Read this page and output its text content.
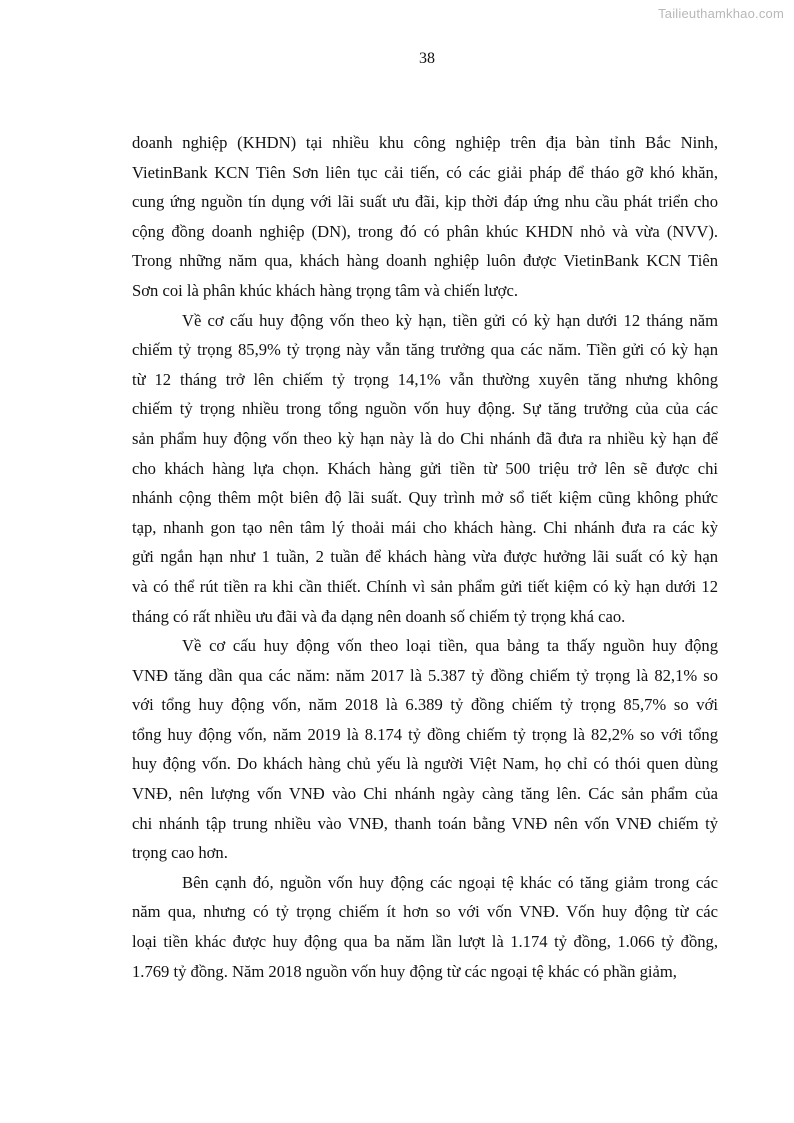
Tailieuthamkhao.com
38
doanh nghiệp (KHDN) tại nhiều khu công nghiệp trên địa bàn tỉnh Bắc Ninh,
VietinBank KCN Tiên Sơn liên tục cải tiến, có các giải pháp để tháo gỡ khó khăn,
cung ứng nguồn tín dụng với lãi suất ưu đãi, kịp thời đáp ứng nhu cầu phát triển cho
cộng đồng doanh nghiệp (DN), trong đó có phân khúc KHDN nhỏ và vừa (NVV).
Trong những năm qua, khách hàng doanh nghiệp luôn được VietinBank KCN Tiên
Sơn coi là phân khúc khách hàng trọng tâm và chiến lược.
Về cơ cấu huy động vốn theo kỳ hạn, tiền gửi có kỳ hạn dưới 12 tháng năm
chiếm tỷ trọng 85,9% tỷ trọng này vẫn tăng trưởng qua các năm. Tiền gửi có kỳ hạn
từ 12 tháng trở lên chiếm tỷ trọng 14,1% vẫn thường xuyên tăng nhưng không
chiếm tỷ trọng nhiều trong tổng nguồn vốn huy động. Sự tăng trưởng của của các
sản phẩm huy động vốn theo kỳ hạn này là do Chi nhánh đã đưa ra nhiều kỳ hạn để
cho khách hàng lựa chọn. Khách hàng gửi tiền từ 500 triệu trở lên sẽ được chi
nhánh cộng thêm một biên độ lãi suất. Quy trình mở sổ tiết kiệm cũng không phức
tạp, nhanh gon tạo nên tâm lý thoải mái cho khách hàng. Chi nhánh đưa ra các kỳ
gửi ngắn hạn như 1 tuần, 2 tuần để khách hàng vừa được hưởng lãi suất có kỳ hạn
và có thể rút tiền ra khi cần thiết. Chính vì sản phẩm gửi tiết kiệm có kỳ hạn dưới 12
tháng có rất nhiều ưu đãi và đa dạng nên doanh số chiếm tỷ trọng khá cao.
Về cơ cấu huy động vốn theo loại tiền, qua bảng ta thấy nguồn huy động
VNĐ tăng dần qua các năm: năm 2017 là 5.387 tỷ đồng chiếm tỷ trọng là 82,1% so
với tổng huy động vốn, năm 2018 là 6.389 tỷ đồng chiếm tỷ trọng 85,7% so với
tổng huy động vốn, năm 2019 là 8.174 tỷ đồng chiếm tỷ trọng là 82,2% so với tổng
huy động vốn. Do khách hàng chủ yếu là người Việt Nam, họ chỉ có thói quen dùng
VNĐ, nên lượng vốn VNĐ vào Chi nhánh ngày càng tăng lên. Các sản phẩm của
chi nhánh tập trung nhiều vào VNĐ, thanh toán bằng VNĐ nên vốn VNĐ chiếm tỷ
trọng cao hơn.
Bên cạnh đó, nguồn vốn huy động các ngoại tệ khác có tăng giảm trong các
năm qua, nhưng có tỷ trọng chiếm ít hơn so với vốn VNĐ. Vốn huy động từ các
loại tiền khác được huy động qua ba năm lần lượt là 1.174 tỷ đồng, 1.066 tỷ đồng,
1.769 tỷ đồng. Năm 2018 nguồn vốn huy động từ các ngoại tệ khác có phần giảm,
